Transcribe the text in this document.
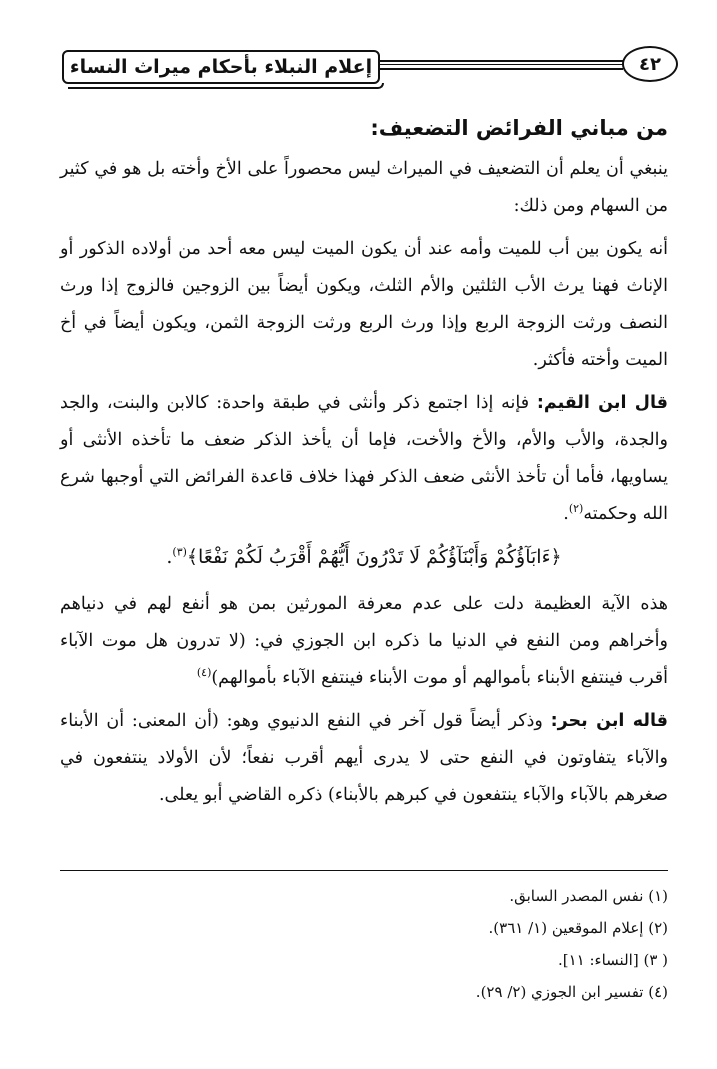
إعلام النبلاء بأحكام ميراث النساء	٤٢
من مباني الفرائض التضعيف:

ينبغي أن يعلم أن التضعيف في الميراث ليس محصوراً على الأخ وأخته بل هو في كثير من السهام ومن ذلك:

أنه يكون بين أب للميت وأمه عند أن يكون الميت ليس معه أحد من أولاده الذكور أو الإناث فهنا يرث الأب الثلثين والأم الثلث، ويكون أيضاً بين الزوجين فالزوج إذا ورث النصف ورثت الزوجة الربع وإذا ورث الربع ورثت الزوجة الثمن، ويكون أيضاً في أخ الميت وأخته فأكثر.

قال ابن القيم: فإنه إذا اجتمع ذكر وأنثى في طبقة واحدة: كالابن والبنت، والجد والجدة، والأب والأم، والأخ والأخت، فإما أن يأخذ الذكر ضعف ما تأخذه الأنثى أو يساويها، فأما أن تأخذ الأنثى ضعف الذكر فهذا خلاف قاعدة الفرائض التي أوجبها شرع الله وحكمته$^{(٢)}$.

﴿ءَابَآؤُكُمْ وَأَبْنَآؤُكُمْ لَا تَدْرُونَ أَيُّهُمْ أَقْرَبُ لَكُمْ نَفْعًا﴾$^{(٣)}$.

هذه الآية العظيمة دلت على عدم معرفة المورثين بمن هو أنفع لهم في دنياهم وأخراهم ومن النفع في الدنيا ما ذكره ابن الجوزي في: (لا تدرون هل موت الآباء أقرب فينتفع الأبناء بأموالهم أو موت الأبناء فينتفع الآباء بأموالهم)$^{(٤)}$

قاله ابن بحر: وذكر أيضاً قول آخر في النفع الدنيوي وهو: (أن المعنى: أن الأبناء والآباء يتفاوتون في النفع حتى لا يدرى أيهم أقرب نفعاً؛ لأن الأولاد ينتفعون في صغرهم بالآباء والآباء ينتفعون في كبرهم بالأبناء) ذكره القاضي أبو يعلى.

(١) نفس المصدر السابق.
(٢) إعلام الموقعين (١/ ٣٦١).
( ٣) [النساء: ١١].
(٤) تفسير ابن الجوزي (٢/ ٢٩).
